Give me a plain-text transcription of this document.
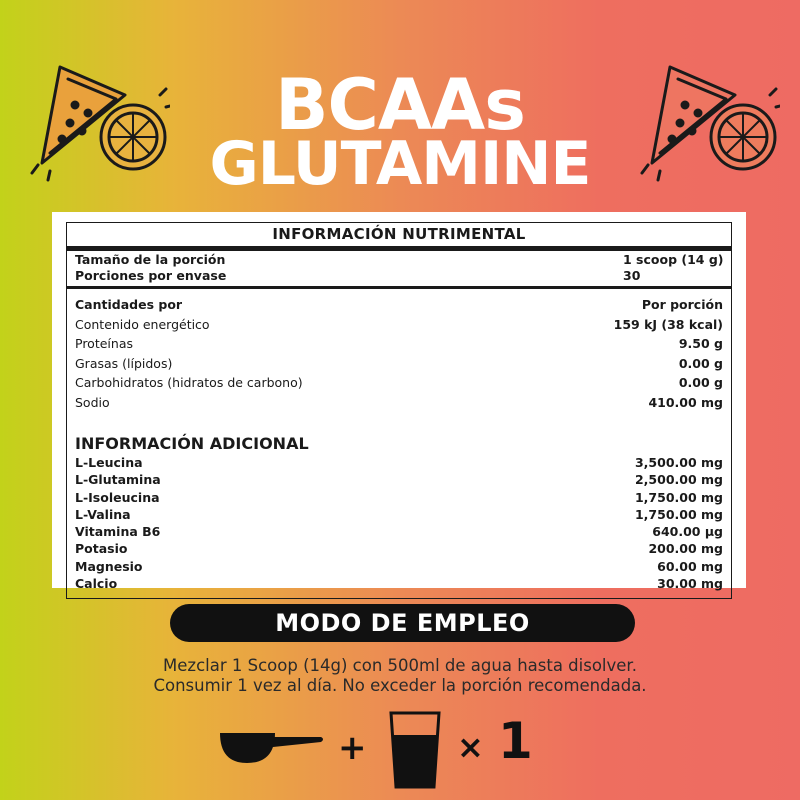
BCAAs
GLUTAMINE
INFORMACIÓN NUTRIMENTAL
Tamaño de la porción	1 scoop (14 g)
Porciones por envase	30
Cantidades por	Por porción
Contenido energético	159 kJ (38 kcal)
Proteínas	9.50 g
Grasas (lípidos)	0.00 g
Carbohidratos (hidratos de carbono)	0.00 g
Sodio	410.00 mg
INFORMACIÓN ADICIONAL
L-Leucina	3,500.00 mg
L-Glutamina	2,500.00 mg
L-Isoleucina	1,750.00 mg
L-Valina	1,750.00 mg
Vitamina B6	640.00 µg
Potasio	200.00 mg
Magnesio	60.00 mg
Calcio	30.00 mg
MODO DE EMPLEO
Mezclar 1 Scoop (14g) con 500ml de agua hasta disolver.
Consumir 1 vez al día. No exceder la porción recomendada.
+	× 1
